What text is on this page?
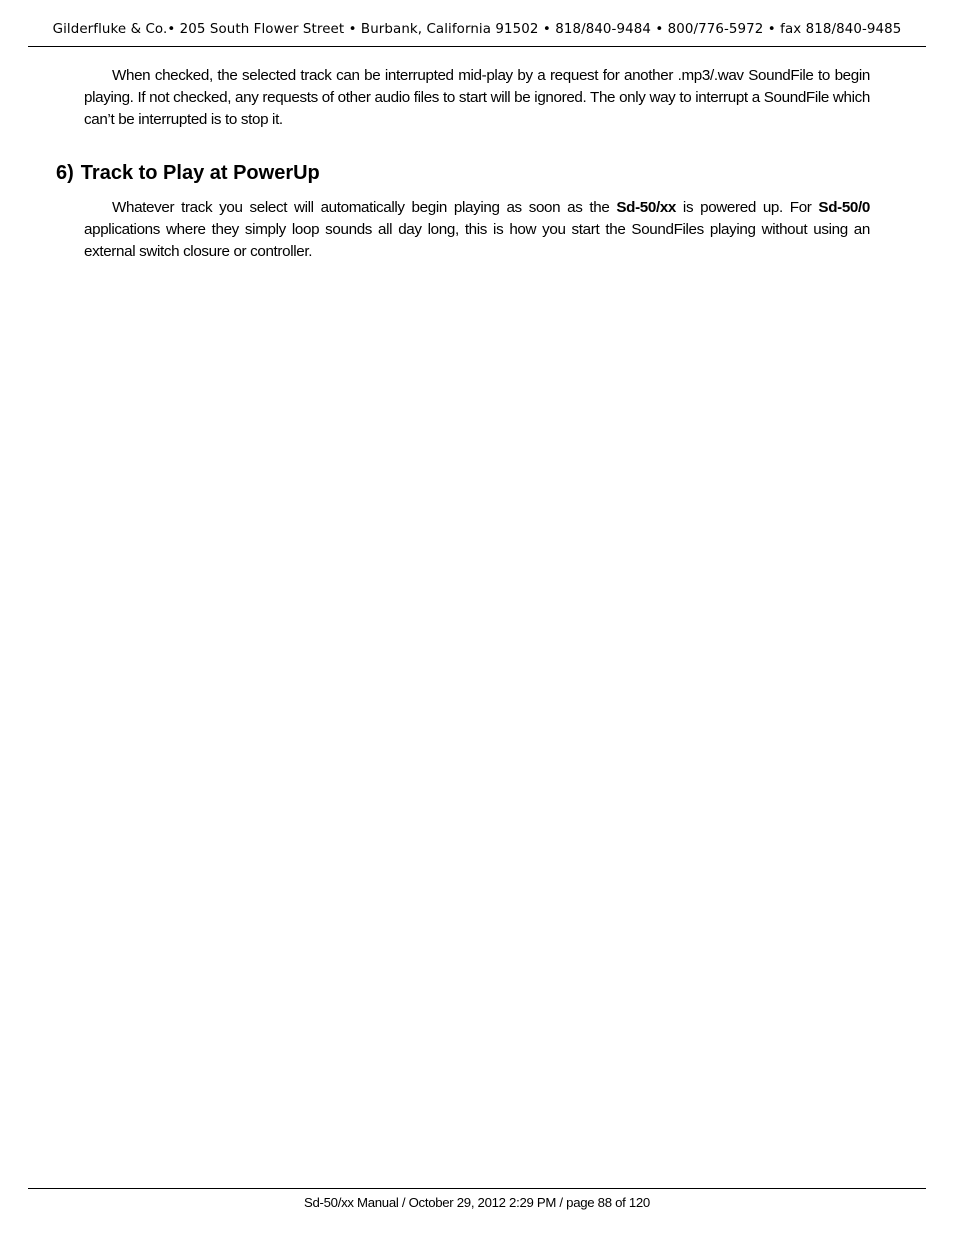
Gilderfluke & Co.• 205 South Flower Street • Burbank, California 91502 • 818/840-9484 • 800/776-5972 • fax 818/840-9485

When checked, the selected track can be interrupted mid-play by a request for another .mp3/.wav SoundFile to begin playing. If not checked, any requests of other audio files to start will be ignored. The only way to interrupt a SoundFile which can’t be interrupted is to stop it.

6) Track to Play at PowerUp

Whatever track you select will automatically begin playing as soon as the Sd-50/xx is powered up. For Sd-50/0 applications where they simply loop sounds all day long, this is how you start the SoundFiles playing without using an external switch closure or controller.

Sd-50/xx Manual / October 29, 2012 2:29 PM / page 88 of 120
